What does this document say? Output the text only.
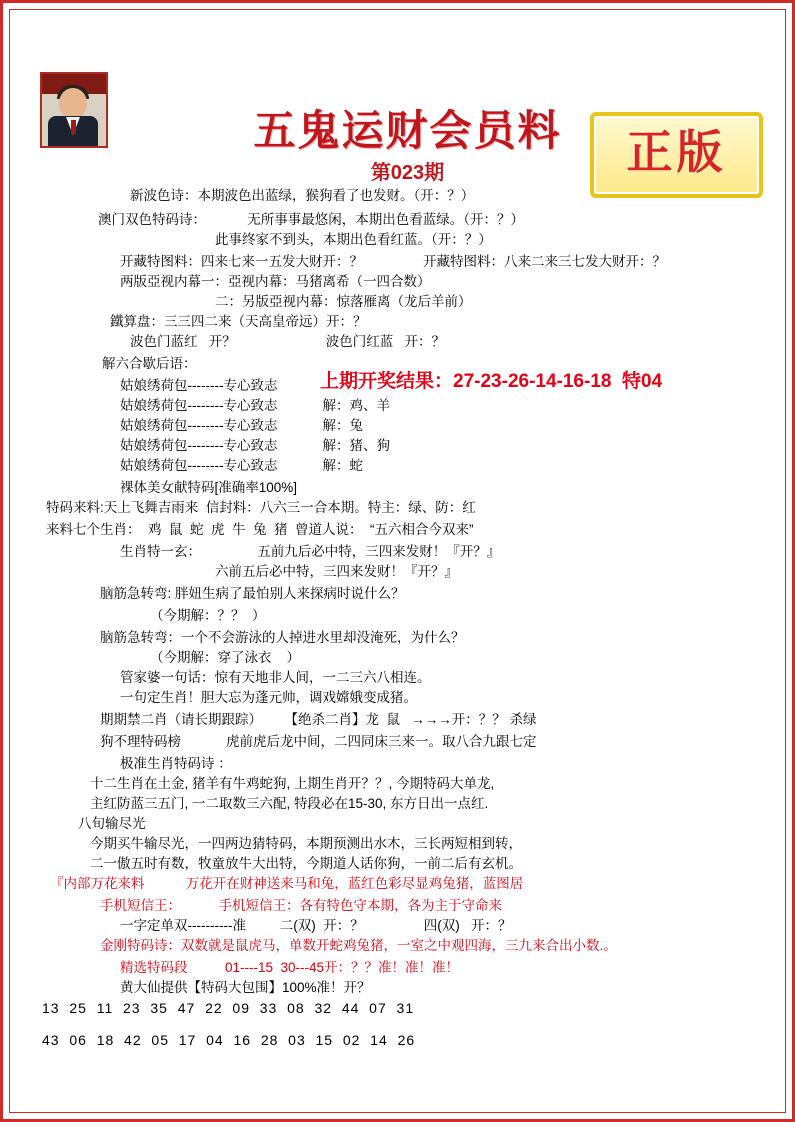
五鬼运财会员料
第023期	正版
新波色诗：本期波色出蓝绿，猴狗看了也发财。（开：？）
澳门双色特码诗：           无所事事最悠闲，本期出色看蓝绿。（开：？）
此事终家不到头，本期出色看红蓝。（开：？）
开藏特图料：四来七来一五发大财开：？                开藏特图料：八来二来三七发大财开：？
两版亞视内幕一：亞视内幕：马猪离希（一四合数）
二：另版亞视内幕：惊落雁离（龙后羊前）
鐵算盘：三三四二来（天高皇帝远）开：？
波色门蓝红   开？                        波色门红蓝   开：？
解六合歇后语：
姑娘绣荷包--------专心致志
姑娘绣荷包--------专心致志            解：鸡、羊
姑娘绣荷包--------专心致志            解：兔
姑娘绣荷包--------专心致志            解：猪、狗
姑娘绣荷包--------专心致志            解：蛇
裸体美女献特码[准确率100%]
特码来料:天上飞舞吉雨来  信封料：八六三一合本期。特主：绿、防：红
来料七个生肖：  鸡  鼠  蛇  虎  牛  兔  猪  曾道人说：  “五六相合今双来”
生肖特一玄：               五前九后必中特，三四来发财！『开？』
六前五后必中特，三四来发财！『开？』
脑筋急转弯: 胖妞生病了最怕别人来探病时说什么？
（今期解：？？  ）
脑筋急转弯：一个不会游泳的人掉进水里却没淹死，为什么？
（今期解：穿了泳衣    ）
管家婆一句话：惊有天地非人间，一二三六八相连。
一句定生肖！胆大忘为蓬元帅，调戏嫦娥变成猪。
期期禁二肖（请长期跟踪）      【绝杀二肖】龙  鼠   →→→开：？？ 杀绿
狗不理特码榜            虎前虎后龙中间，二四同床三来一。取八合九跟七定
极准生肖特码诗 ：
十二生肖在土金, 猪羊有牛鸡蛇狗, 上期生肖开？？, 今期特码大单龙,
主红防蓝三五门, 一二取数三六配, 特段必在15-30, 东方日出一点红.
八旬输尽光
今期买牛输尽光，一四两边猜特码，本期预测出水木，三长两短相到转，
二一傲五时有数，牧童放牛大出特，今期道人话你狗，一前二后有玄机。
『内部万花来料           万花开在财神送来马和兔，蓝红色彩尽显鸡兔猪，蓝图居
手机短信王：          手机短信王：各有特色守本期，各为主于守命来
一字定单双----------准         二(双)  开：？                四(双)   开：？
金刚特码诗：双数就是鼠虎马，单数开蛇鸡兔猪，一室之中观四海，三九来合出小数.。
精选特码段          01----15  30---45开：？？准！准！准！
黄大仙提供【特码大包围】100%准！开？
上期开奖结果：27-23-26-14-16-18  特04
13  25  11  23  35  47  22  09  33  08  32  44  07  31
43  06  18  42  05  17  04  16  28  03  15  02  14  26
